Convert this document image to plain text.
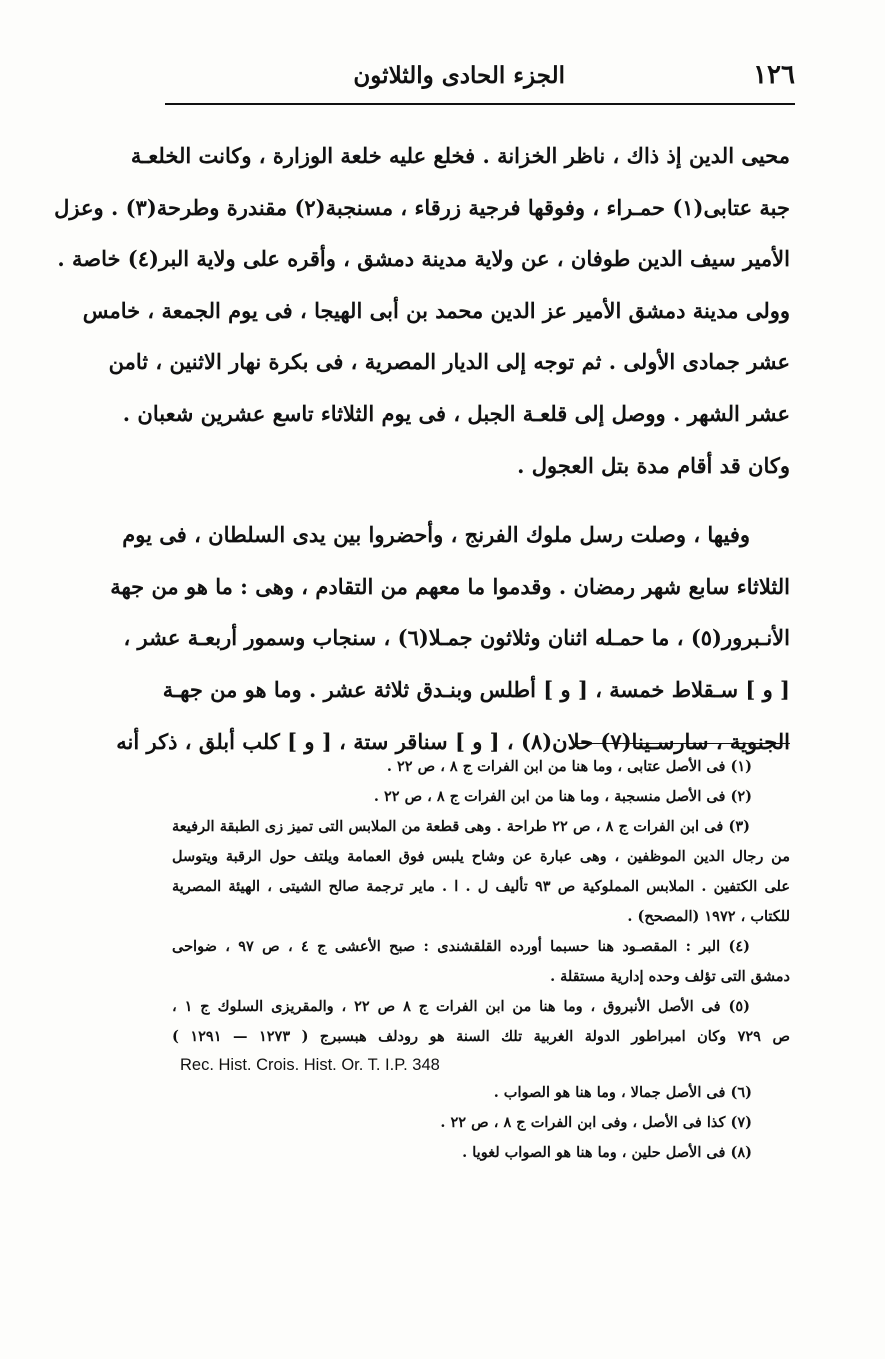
١٢٦
الجزء الحادى والثلاثون

محيى الدين إذ ذاك ، ناظر الخزانة . فخلع عليه خلعة الوزارة ، وكانت الخلعـة
جبة عتابى(١) حمـراء ، وفوقها فرجية زرقاء ، مسنجبة(٢) مقندرة وطرحة(٣) . وعزل
الأمير سيف الدين طوفان ، عن ولاية مدينة دمشق ، وأقره على ولاية البر(٤) خاصة .
وولى مدينة دمشق الأمير عز الدين محمد بن أبى الهيجا ، فى يوم الجمعة ، خامس
عشر جمادى الأولى . ثم توجه إلى الديار المصرية ، فى بكرة نهار الاثنين ، ثامن
عشر الشهر . ووصل إلى قلعـة الجبل ، فى يوم الثلاثاء تاسع عشرين شعبان .
وكان قد أقام مدة بتل العجول .

وفيها ، وصلت رسل ملوك الفرنج ، وأحضروا بين يدى السلطان ، فى يوم
الثلاثاء سابع شهر رمضان . وقدموا ما معهم من التقادم ، وهى : ما هو من جهة
الأنـبرور(٥) ، ما حمـله اثنان وثلاثون جمـلا(٦) ، سنجاب وسمور أربعـة عشر ،
[ و ] سـقلاط خمسة ، [ و ] أطلس وبنـدق ثلاثة عشر . وما هو من جهـة
الجنوية ، سارسـينا(٧) حلان(٨) ، [ و ] سناقر ستة ، [ و ] كلب أبلق ، ذكر أنه

(١) فى الأصل عتابى ، وما هنا من ابن الفرات ج ٨ ، ص ٢٢ .
(٢) فى الأصل منسجبة ، وما هنا من ابن الفرات ج ٨ ، ص ٢٢ .
(٣) فى ابن الفرات ج ٨ ، ص ٢٢ طراحة . وهى قطعة من الملابس التى تميز زى الطبقة الرفيعة
من رجال الدين الموظفين ، وهى عبارة عن وشاح يلبس فوق العمامة ويلتف حول الرقبة ويتوسل
على الكتفين . الملابس المملوكية ص ٩٣ تأليف ل . ا . ماير ترجمة صالح الشيتى ، الهيئة المصرية
للكتاب ، ١٩٧٢ (المصحح) .
(٤) البر : المقصـود هنا حسبما أورده القلقشندى : صبح الأعشى ج ٤ ، ص ٩٧ ، ضواحى
دمشق التى تؤلف وحده إدارية مستقلة .
(٥) فى الأصل الأنبروق ، وما هنا من ابن الفرات ج ٨ ص ٢٢ ، والمقريزى السلوك ج ١ ،
ص ٧٢٩ وكان امبراطور الدولة الغربية تلك السنة هو رودلف هبسبرج ( ١٢٧٣ — ١٢٩١ )
Rec. Hist. Crois. Hist. Or. T. I.P. 348
(٦) فى الأصل جمالا ، وما هنا هو الصواب .
(٧) كذا فى الأصل ، وفى ابن الفرات ج ٨ ، ص ٢٢ .
(٨) فى الأصل حلين ، وما هنا هو الصواب لغويا .
